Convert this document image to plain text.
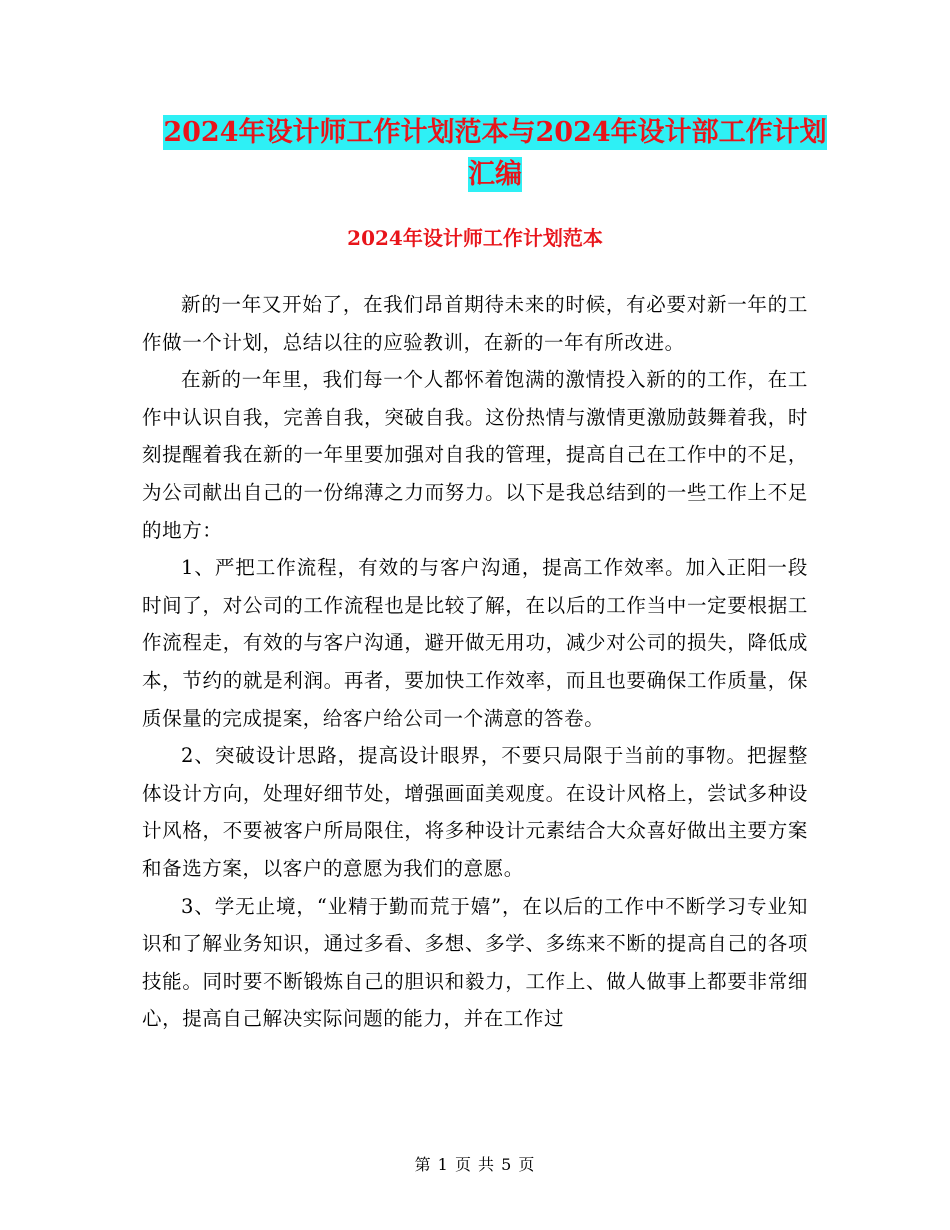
2024年设计师工作计划范本与2024年设计部工作计划
汇编
2024年设计师工作计划范本

新的一年又开始了，在我们昂首期待未来的时候，有必要对新一年的工作做一个计划，总结以往的应验教训，在新的一年有所改进。

在新的一年里，我们每一个人都怀着饱满的激情投入新的的工作，在工作中认识自我，完善自我，突破自我。这份热情与激情更激励鼓舞着我，时刻提醒着我在新的一年里要加强对自我的管理，提高自己在工作中的不足，为公司献出自己的一份绵薄之力而努力。以下是我总结到的一些工作上不足的地方：

1、严把工作流程，有效的与客户沟通，提高工作效率。加入正阳一段时间了，对公司的工作流程也是比较了解，在以后的工作当中一定要根据工作流程走，有效的与客户沟通，避开做无用功，减少对公司的损失，降低成本，节约的就是利润。再者，要加快工作效率，而且也要确保工作质量，保质保量的完成提案，给客户给公司一个满意的答卷。

2、突破设计思路，提高设计眼界，不要只局限于当前的事物。把握整体设计方向，处理好细节处，增强画面美观度。在设计风格上，尝试多种设计风格，不要被客户所局限住，将多种设计元素结合大众喜好做出主要方案和备选方案，以客户的意愿为我们的意愿。

3、学无止境，“业精于勤而荒于嬉”，在以后的工作中不断学习专业知识和了解业务知识，通过多看、多想、多学、多练来不断的提高自己的各项技能。同时要不断锻炼自己的胆识和毅力，工作上、做人做事上都要非常细心，提高自己解决实际问题的能力，并在工作过

第 1 页 共 5 页
